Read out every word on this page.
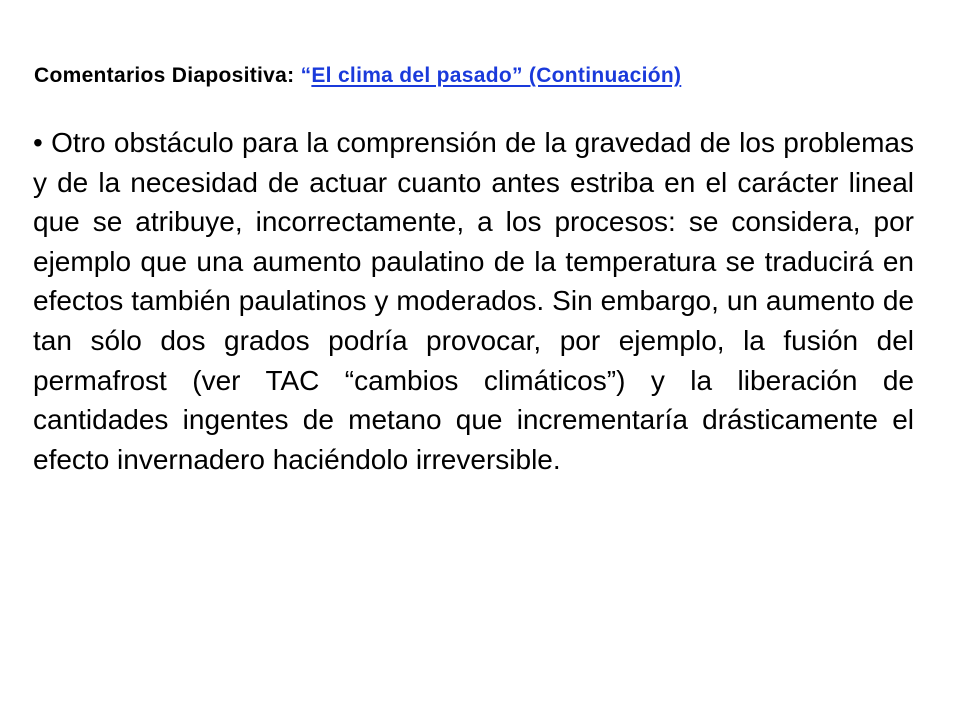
Comentarios Diapositiva: “El clima del pasado” (Continuación)

• Otro obstáculo para la comprensión de la gravedad de los problemas y de la necesidad de actuar cuanto antes estriba en el carácter lineal que se atribuye, incorrectamente, a los procesos: se considera, por ejemplo que una aumento paulatino de la temperatura se traducirá en efectos también paulatinos y moderados. Sin embargo, un aumento de tan sólo dos grados podría provocar, por ejemplo, la fusión del permafrost (ver TAC “cambios climáticos”) y la liberación de cantidades ingentes de metano que incrementaría drásticamente el efecto invernadero haciéndolo irreversible.
